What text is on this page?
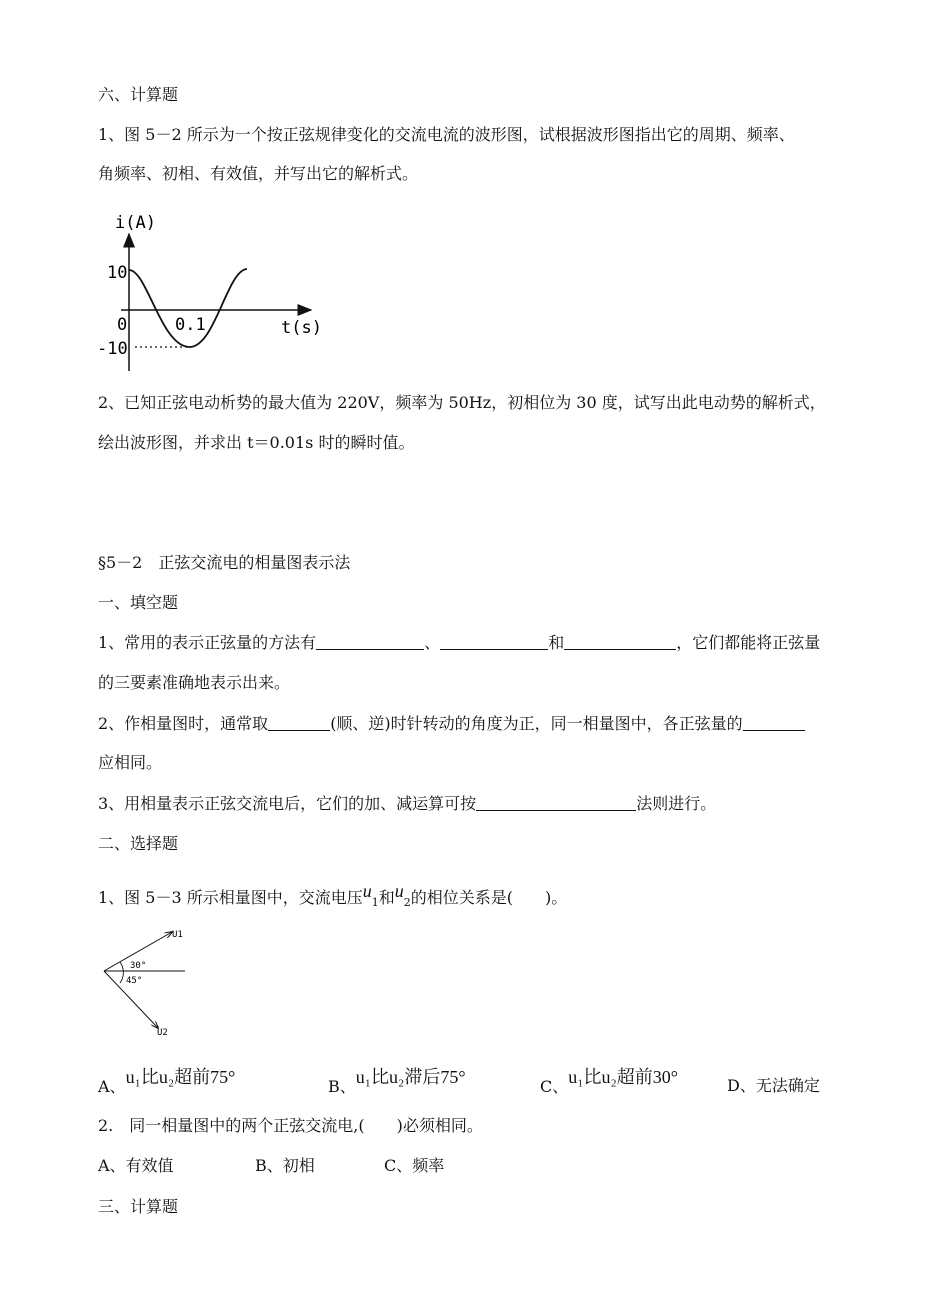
六、计算题
1、图 5－2 所示为一个按正弦规律变化的交流电流的波形图，试根据波形图指出它的周期、频率、
角频率、初相、有效值，并写出它的解析式。
i(A)
10
-10
0	0.1	t(s)
2、已知正弦电动析势的最大值为 220V，频率为 50Hz，初相位为 30 度，试写出此电动势的解析式，
绘出波形图，并求出 t＝0.01s 时的瞬时值。
§5－2　正弦交流电的相量图表示法
一、填空题
1、常用的表示正弦量的方法有	、	和	，它们都能将正弦量
的三要素准确地表示出来。
2、作相量图时，通常取	(顺、逆)时针转动的角度为正，同一相量图中，各正弦量的
应相同。
3、用相量表示正弦交流电后，它们的加、减运算可按	法则进行。
二、选择题
1、图 5－3 所示相量图中，交流电压$u_1$和$u_2$的相位关系是(　　)。
U1
U2
30°
45°
A、u₁比u₂超前75°	B、u₁比u₂滞后75°	C、u₁比u₂超前30°	D、无法确定
2.　同一相量图中的两个正弦交流电,(　　)必须相同。
A、有效值	B、初相	C、频率
三、计算题
